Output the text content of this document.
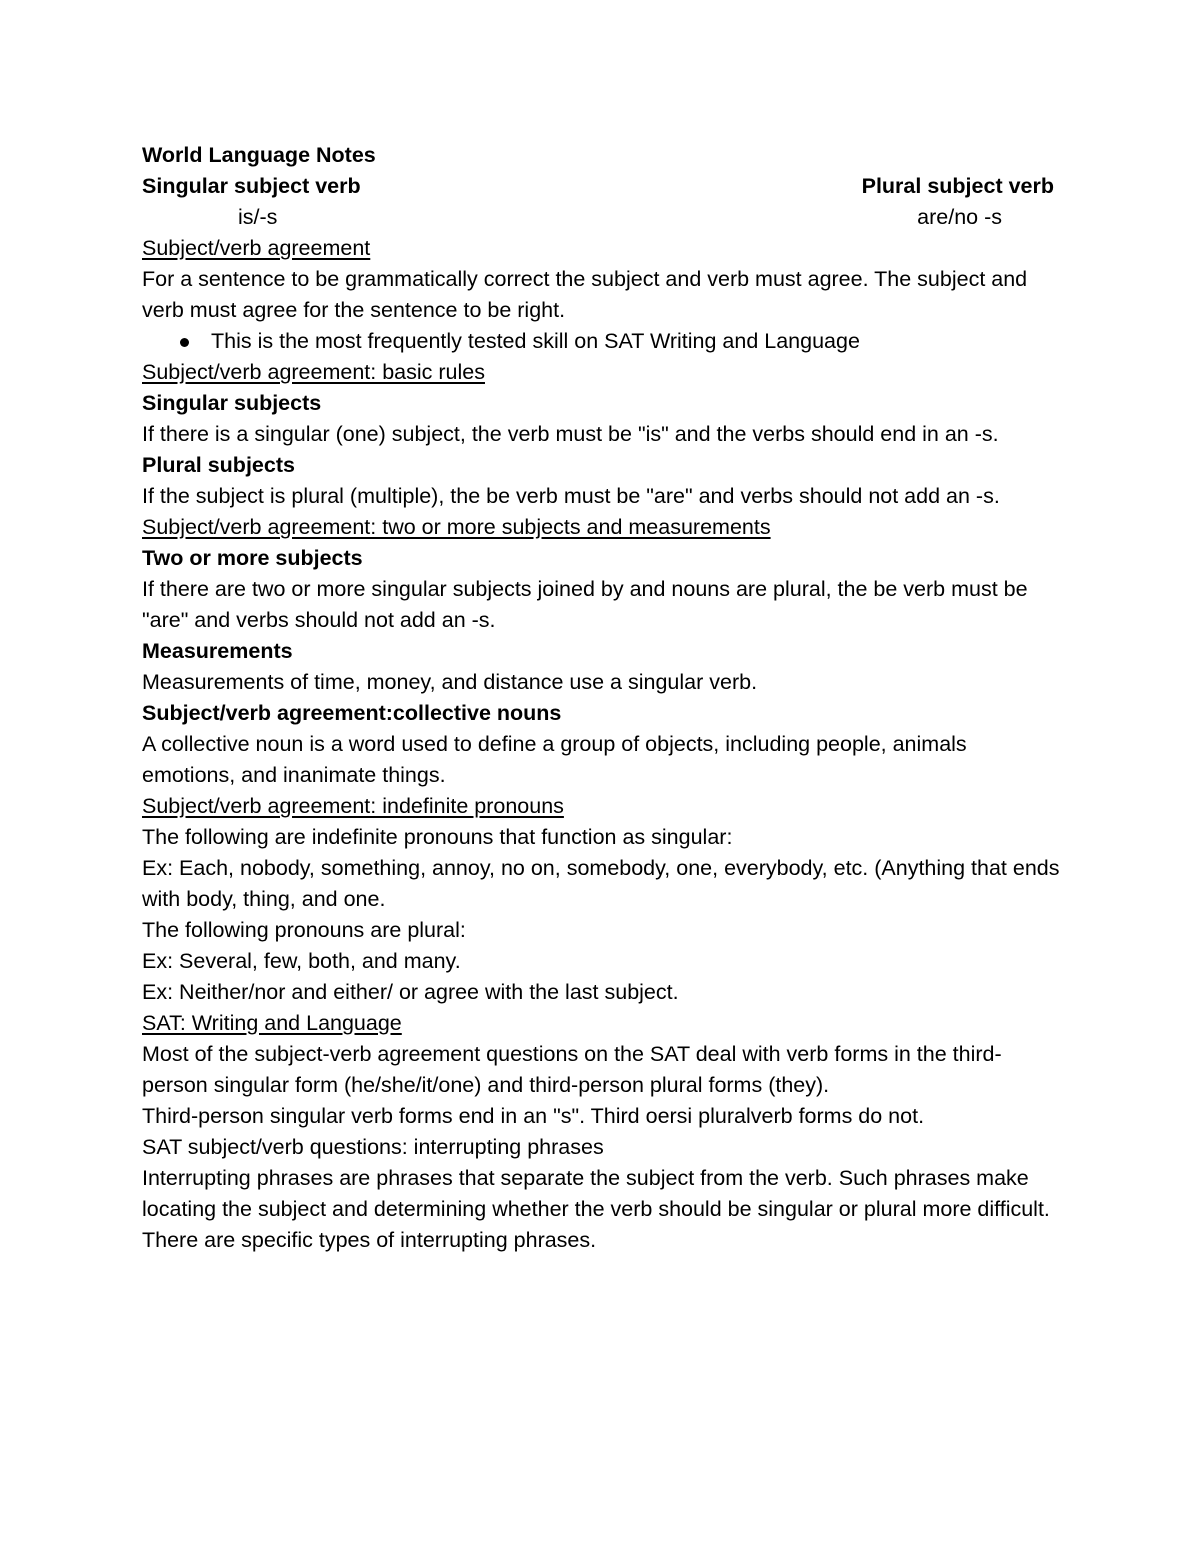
World Language Notes
Singular subject verb	Plural subject verb
is/-s	are/no -s
Subject/verb agreement
For a sentence to be grammatically correct the subject and verb must agree. The subject and verb must agree for the sentence to be right.
This is the most frequently tested skill on SAT Writing and Language
Subject/verb agreement: basic rules
Singular subjects
If there is a singular (one) subject, the verb must be "is" and the verbs should end in an -s.
Plural subjects
If the subject is plural (multiple), the be verb must be "are" and verbs should not add an -s.
Subject/verb agreement: two or more subjects and measurements
Two or more subjects
If there are two or more singular subjects joined by and nouns are plural, the be verb must be "are" and verbs should not add an -s.
Measurements
Measurements of time, money, and distance use a singular verb.
Subject/verb agreement:collective nouns
A collective noun is a word used to define a group of objects, including people, animals emotions, and inanimate things.
Subject/verb agreement: indefinite pronouns
The following are indefinite pronouns that function as singular:
Ex: Each, nobody, something, annoy, no on, somebody, one, everybody, etc. (Anything that ends with body, thing, and one.
The following pronouns are plural:
Ex: Several, few, both, and many.
Ex: Neither/nor and either/ or agree with the last subject.
SAT: Writing and Language
Most of the subject-verb agreement questions on the SAT deal with verb forms in the third-person singular form (he/she/it/one) and third-person plural forms (they).
Third-person singular verb forms end in an "s". Third oersi pluralverb forms do not.
SAT subject/verb questions: interrupting phrases
Interrupting phrases are phrases that separate the subject from the verb. Such phrases make locating the subject and determining whether the verb should be singular or plural more difficult. There are specific types of interrupting phrases.
